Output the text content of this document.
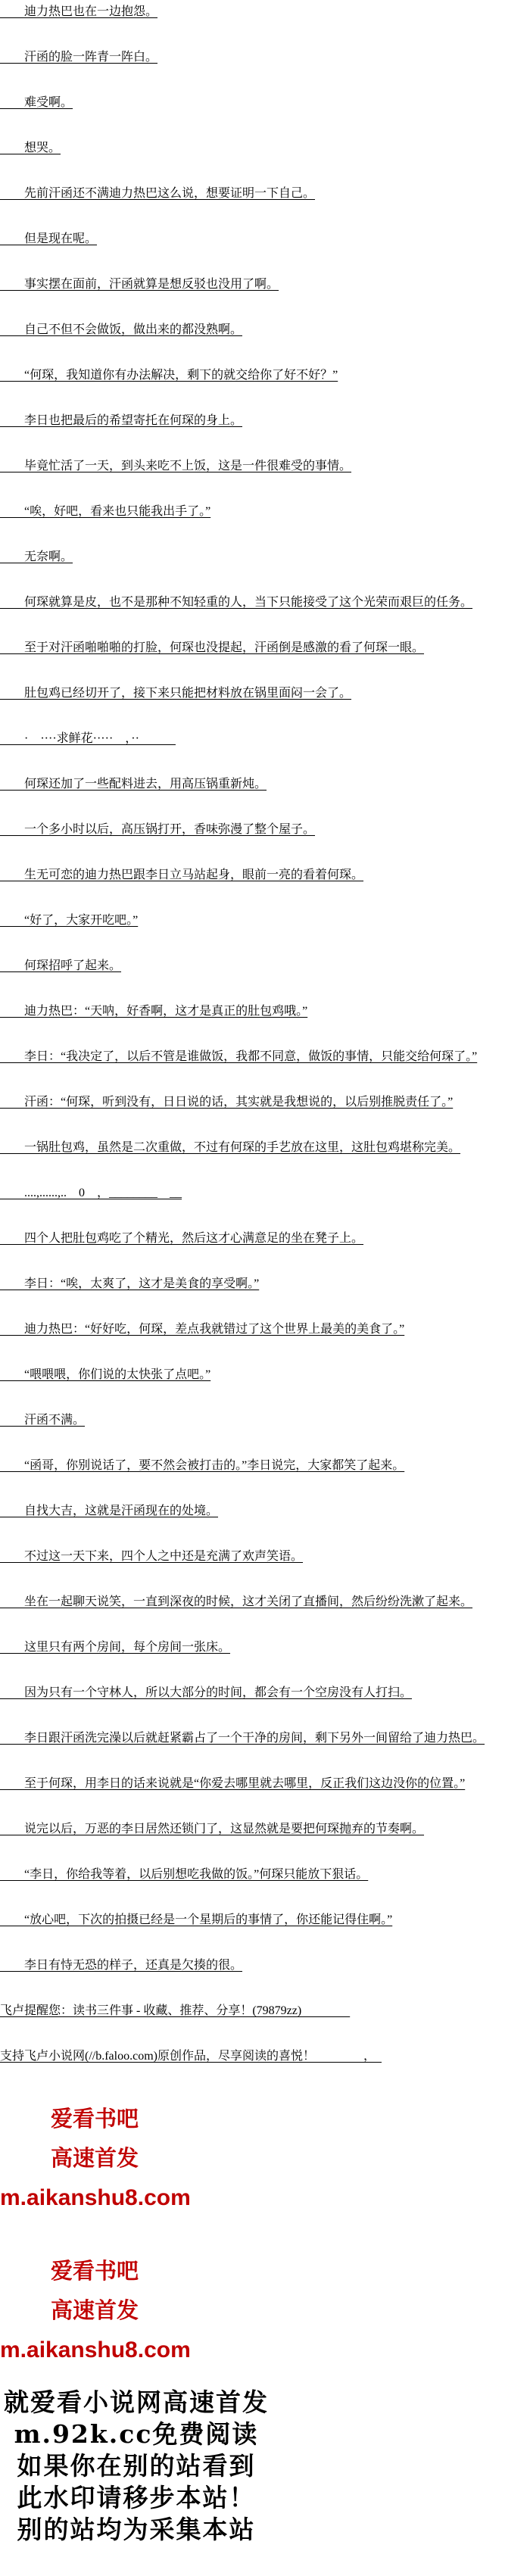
　　迪力热巴也在一边抱怨。

　　汗函的脸一阵青一阵白。

　　难受啊。

　　想哭。

　　先前汗函还不满迪力热巴这么说，想要证明一下自己。

　　但是现在呢。

　　事实摆在面前，汗函就算是想反驳也没用了啊。

　　自己不但不会做饭，做出来的都没熟啊。

　　“何琛，我知道你有办法解决，剩下的就交给你了好不好？”

　　李日也把最后的希望寄托在何琛的身上。

　　毕竟忙活了一天，到头来吃不上饭，这是一件很难受的事情。

　　“唉，好吧，看来也只能我出手了。”

　　无奈啊。

　　何琛就算是皮，也不是那种不知轻重的人，当下只能接受了这个光荣而艰巨的任务。

　　至于对汗函啪啪啪的打脸，何琛也没提起，汗函倒是感激的看了何琛一眼。

　　肚包鸡已经切开了，接下来只能把材料放在锅里面闷一会了。

　　·　····求鲜花·····　，··　　　

　　何琛还加了一些配料进去，用高压锅重新炖。

　　一个多小时以后，高压锅打开，香味弥漫了整个屋子。

　　生无可恋的迪力热巴跟李日立马站起身，眼前一亮的看着何琛。

　　“好了，大家开吃吧。”

　　何琛招呼了起来。

　　迪力热巴：“天呐，好香啊，这才是真正的肚包鸡哦。”

　　李日：“我决定了，以后不管是谁做饭，我都不同意，做饭的事情，只能交给何琛了。”

　　汗函：“何琛，听到没有，日日说的话，其实就是我想说的，以后别推脱责任了。”

　　一锅肚包鸡，虽然是二次重做，不过有何琛的手艺放在这里，这肚包鸡堪称完美。

　　....,......,..　0　，________　__

　　四个人把肚包鸡吃了个精光，然后这才心满意足的坐在凳子上。

　　李日：“唉，太爽了，这才是美食的享受啊。”

　　迪力热巴：“好好吃，何琛，差点我就错过了这个世界上最美的美食了。”

　　“喂喂喂，你们说的太快张了点吧。”

　　汗函不满。

　　“函哥，你别说话了，要不然会被打击的。”李日说完，大家都笑了起来。

　　自找大吉，这就是汗函现在的处境。

　　不过这一天下来，四个人之中还是充满了欢声笑语。

　　坐在一起聊天说笑，一直到深夜的时候，这才关闭了直播间，然后纷纷洗漱了起来。

　　这里只有两个房间，每个房间一张床。

　　因为只有一个守林人，所以大部分的时间，都会有一个空房没有人打扫。

　　李日跟汗函洗完澡以后就赶紧霸占了一个干净的房间，剩下另外一间留给了迪力热巴。

　　至于何琛，用李日的话来说就是“你爱去哪里就去哪里，反正我们这边没你的位置。”

　　说完以后，万恶的李日居然还锁门了，这显然就是要把何琛抛弃的节奏啊。

　　“李日，你给我等着，以后别想吃我做的饭。”何琛只能放下狠话。

　　“放心吧，下次的拍摄已经是一个星期后的事情了，你还能记得住啊。”

　　李日有恃无恐的样子，还真是欠揍的很。

飞卢提醒您：读书三件事 - 收藏、推荐、分享！(79879zz)　　　　

支持飞卢小说网(//b.faloo.com)原创作品，尽享阅读的喜悦！　　　　，　

爱看书吧
高速首发
m.aikanshu8.com
爱看书吧
高速首发
m.aikanshu8.com
就爱看小说网高速首发
m.92k.cc免费阅读
如果你在别的站看到
此水印请移步本站！
别的站均为采集本站
